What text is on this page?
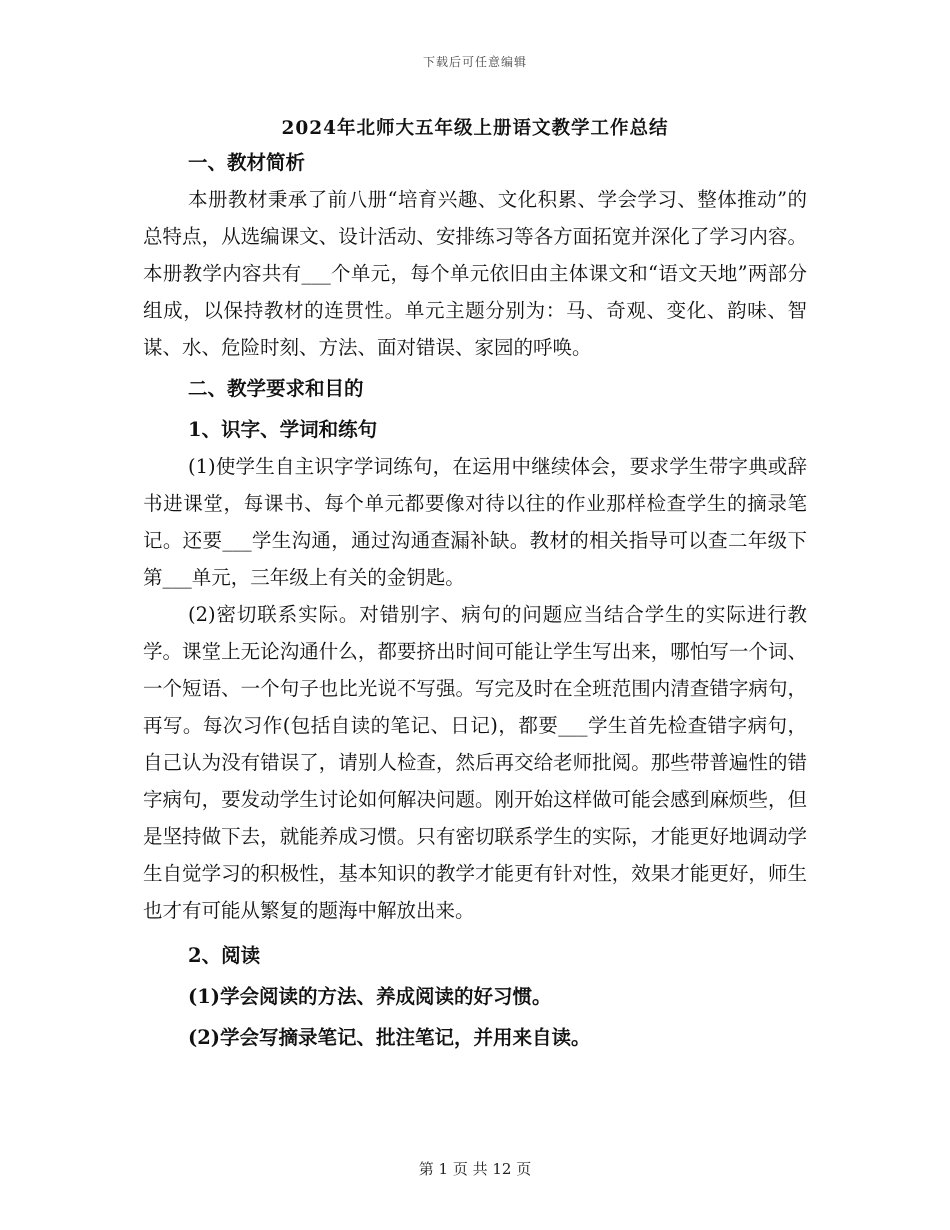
下载后可任意编辑
2024年北师大五年级上册语文教学工作总结
一、教材简析
本册教材秉承了前八册“培育兴趣、文化积累、学会学习、整体推动”的总特点，从选编课文、设计活动、安排练习等各方面拓宽并深化了学习内容。本册教学内容共有___个单元，每个单元依旧由主体课文和“语文天地”两部分组成，以保持教材的连贯性。单元主题分别为：马、奇观、变化、韵味、智谋、水、危险时刻、方法、面对错误、家园的呼唤。
二、教学要求和目的
1、识字、学词和练句
(1)使学生自主识字学词练句，在运用中继续体会，要求学生带字典或辞书进课堂，每课书、每个单元都要像对待以往的作业那样检查学生的摘录笔记。还要___学生沟通，通过沟通查漏补缺。教材的相关指导可以查二年级下第___单元，三年级上有关的金钥匙。
(2)密切联系实际。对错别字、病句的问题应当结合学生的实际进行教学。课堂上无论沟通什么，都要挤出时间可能让学生写出来，哪怕写一个词、一个短语、一个句子也比光说不写强。写完及时在全班范围内清查错字病句，再写。每次习作(包括自读的笔记、日记)，都要___学生首先检查错字病句，自己认为没有错误了，请别人检查，然后再交给老师批阅。那些带普遍性的错字病句，要发动学生讨论如何解决问题。刚开始这样做可能会感到麻烦些，但是坚持做下去，就能养成习惯。只有密切联系学生的实际，才能更好地调动学生自觉学习的积极性，基本知识的教学才能更有针对性，效果才能更好，师生也才有可能从繁复的题海中解放出来。
2、阅读
(1)学会阅读的方法、养成阅读的好习惯。
(2)学会写摘录笔记、批注笔记，并用来自读。
第 1 页 共 12 页
